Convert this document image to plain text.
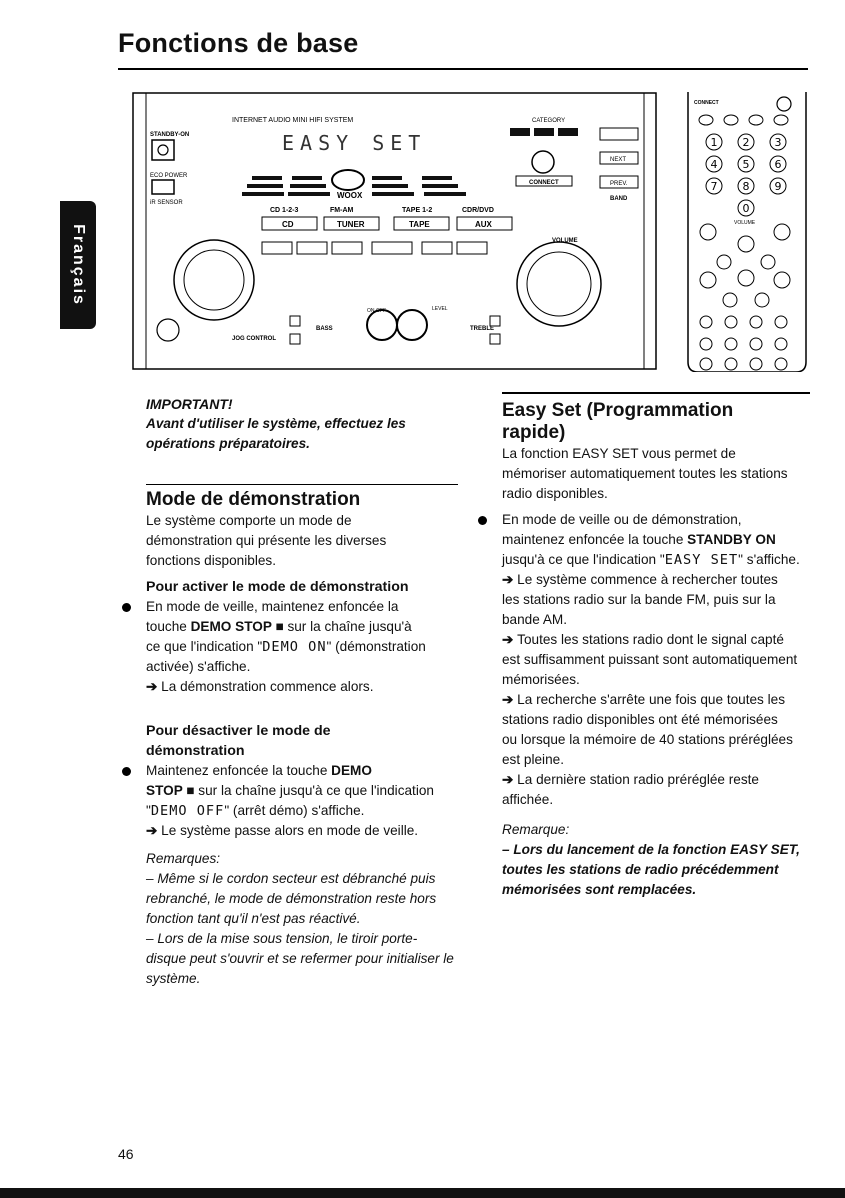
Fonctions de base
Français
INTERNET AUDIO MINI HIFI SYSTEM
EASY SET
STANDBY-ON
ECO POWER
iR SENSOR
WOOX
CD 1-2-3	FM-AM	TAPE 1-2	CDR/DVD
CD	TUNER	TAPE	AUX
JOG CONTROL
VOLUME
ON-OFF	LEVEL
BASS	TREBLE
CATEGORY
CONNECT
NEXT
PREV.
BAND
CONNECT
1 2 3
4 5 6
7 8 9
0
VOLUME

IMPORTANT!

Avant d'utiliser le système, effectuez les

opérations préparatoires.

Mode de démonstration

Le système comporte un mode de

démonstration qui présente les diverses

fonctions disponibles.

Pour activer le mode de démonstration

En mode de veille, maintenez enfoncée la

touche DEMO STOP ■ sur la chaîne jusqu'à

ce que l'indication "DEMO ON" (démonstration

activée) s'affiche.

➔ La démonstration commence alors.

Pour désactiver le mode de

démonstration

Maintenez enfoncée la touche DEMO

STOP ■ sur la chaîne jusqu'à ce que l'indication

"DEMO OFF" (arrêt démo) s'affiche.

➔ Le système passe alors en mode de veille.

Remarques:

– Même si le cordon secteur est débranché puis

rebranché, le mode de démonstration reste hors

fonction tant qu'il n'est pas réactivé.

– Lors de la mise sous tension, le tiroir porte-

disque peut s'ouvrir et se refermer pour initialiser le

système.

Easy Set (Programmation
rapide)

La fonction EASY SET vous permet de

mémoriser automatiquement toutes les stations

radio disponibles.

En mode de veille ou de démonstration,

maintenez enfoncée la touche STANDBY ON

jusqu'à ce que l'indication "EASY SET" s'affiche.

➔ Le système commence à rechercher toutes

les stations radio sur la bande FM, puis sur la

bande AM.

➔ Toutes les stations radio dont le signal capté

est suffisamment puissant sont automatiquement

mémorisées.

➔ La recherche s'arrête une fois que toutes les

stations radio disponibles ont été mémorisées

ou lorsque la mémoire de 40 stations préréglées

est pleine.

➔ La dernière station radio préréglée reste

affichée.

Remarque:

– Lors du lancement de la fonction EASY SET,

toutes les stations de radio précédemment

mémorisées sont remplacées.

46
